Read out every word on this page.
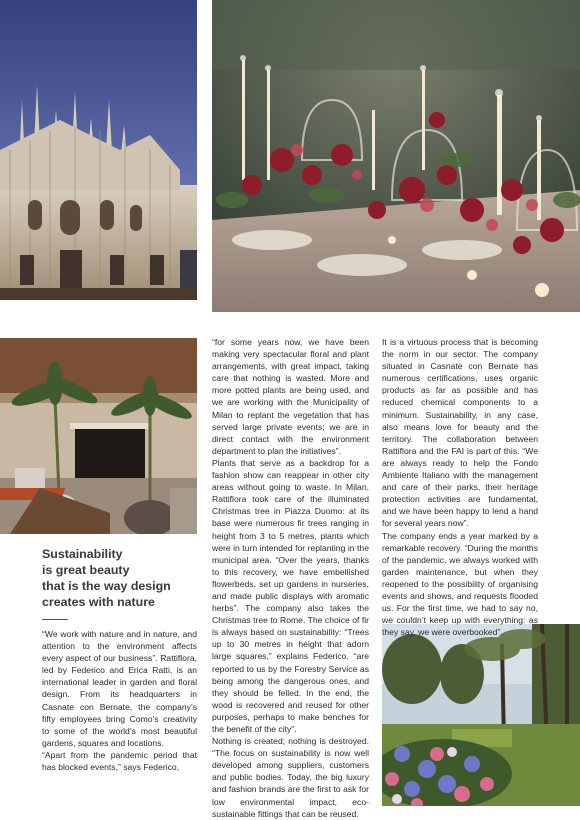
Sustainability
is great beauty
that is the way design
creates with nature

“We work with nature and in nature, and attention to the environment affects every aspect of our business”. Rattiflora, led by Federico and Erica Ratti, is an international leader in garden and floral design. From its headquarters in Casnate con Bernate, the company’s fifty employees bring Como’s creativity to some of the world’s most beautiful gardens, squares and locations.

“Apart from the pandemic period that has blocked events,” says Federico,

“for some years now, we have been making very spectacular floral and plant arrangements, with great impact, taking care that nothing is wasted. More and more potted plants are being used, and we are working with the Municipality of Milan to replant the vegetation that has served large private events; we are in direct contact with the environment department to plan the initiatives”.

Plants that serve as a backdrop for a fashion show can reappear in other city areas without going to waste. In Milan, Rattiflora took care of the illuminated Christmas tree in Piazza Duomo: at its base were numerous fir trees ranging in height from 3 to 5 metres, plants which were in turn intended for replanting in the municipal area. “Over the years, thanks to this recovery, we have embellished flowerbeds, set up gardens in nurseries, and made public displays with aromatic herbs”. The company also takes the Christmas tree to Rome. The choice of fir is always based on sustainability: “Trees up to 30 metres in height that adorn large squares,” explains Federico, “are reported to us by the Forestry Service as being among the dangerous ones, and they should be felled. In the end, the wood is recovered and reused for other purposes, perhaps to make benches for the benefit of the city”.

Nothing is created; nothing is destroyed. “The focus on sustainability is now well developed among suppliers, customers and public bodies. Today, the big luxury and fashion brands are the first to ask for low environmental impact, eco-sustainable fittings that can be reused.

It is a virtuous process that is becoming the norm in our sector. The company situated in Casnate con Bernate has numerous certifications, uses organic products as far as possible and has reduced chemical components to a minimum. Sustainability, in any case, also means love for beauty and the territory. The collaboration between Rattiflora and the FAI is part of this. “We are always ready to help the Fondo Ambiente Italiano with the management and care of their parks, their heritage protection activities are fundamental, and we have been happy to lend a hand for several years now”.

The company ends a year marked by a remarkable recovery. “During the months of the pandemic, we always worked with garden maintenance, but when they reopened to the possibility of organising events and shows, and requests flooded us. For the first time, we had to say no, we couldn’t keep up with everything: as they say, we were overbooked”.
